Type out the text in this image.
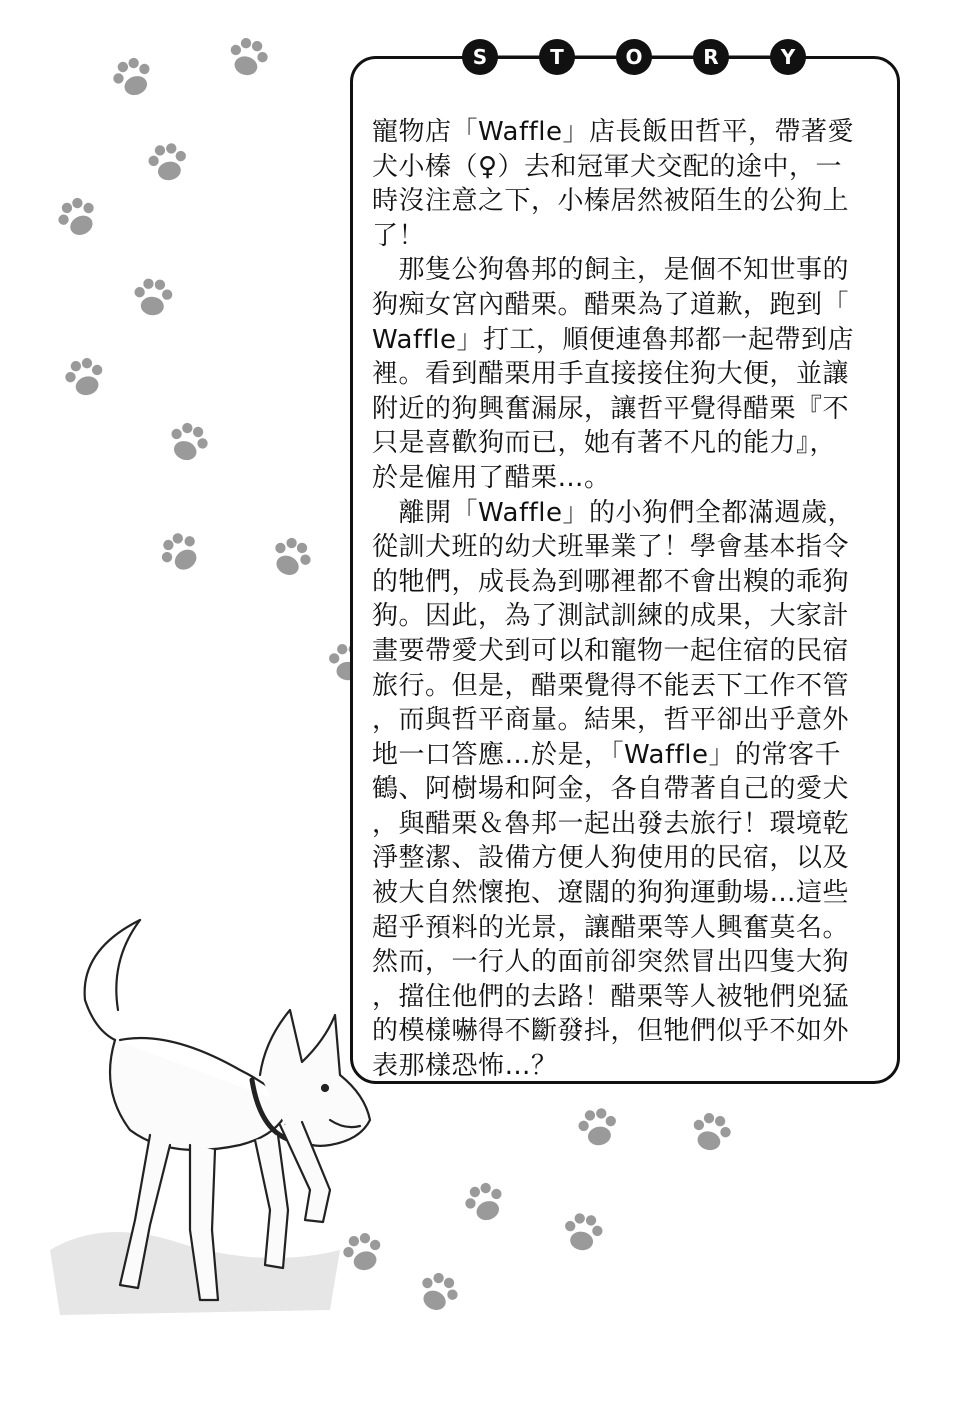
S	T	O	R	Y
寵物店「Waffle」店長飯田哲平，帶著愛
犬小榛（♀）去和冠軍犬交配的途中，一
時沒注意之下，小榛居然被陌生的公狗上
了！
　那隻公狗魯邦的飼主，是個不知世事的
狗痴女宮內醋栗。醋栗為了道歉，跑到「
Waffle」打工，順便連魯邦都一起帶到店
裡。看到醋栗用手直接接住狗大便，並讓
附近的狗興奮漏尿，讓哲平覺得醋栗『不
只是喜歡狗而已，她有著不凡的能力』，
於是僱用了醋栗…。
　離開「Waffle」的小狗們全都滿週歲，
從訓犬班的幼犬班畢業了！學會基本指令
的牠們，成長為到哪裡都不會出糗的乖狗
狗。因此，為了測試訓練的成果，大家計
畫要帶愛犬到可以和寵物一起住宿的民宿
旅行。但是，醋栗覺得不能丟下工作不管
，而與哲平商量。結果，哲平卻出乎意外
地一口答應…於是，「Waffle」的常客千
鶴、阿樹場和阿金，各自帶著自己的愛犬
，與醋栗＆魯邦一起出發去旅行！環境乾
淨整潔、設備方便人狗使用的民宿，以及
被大自然懷抱、遼闊的狗狗運動場…這些
超乎預料的光景，讓醋栗等人興奮莫名。
然而，一行人的面前卻突然冒出四隻大狗
，擋住他們的去路！醋栗等人被牠們兇猛
的模樣嚇得不斷發抖，但牠們似乎不如外
表那樣恐怖…？
